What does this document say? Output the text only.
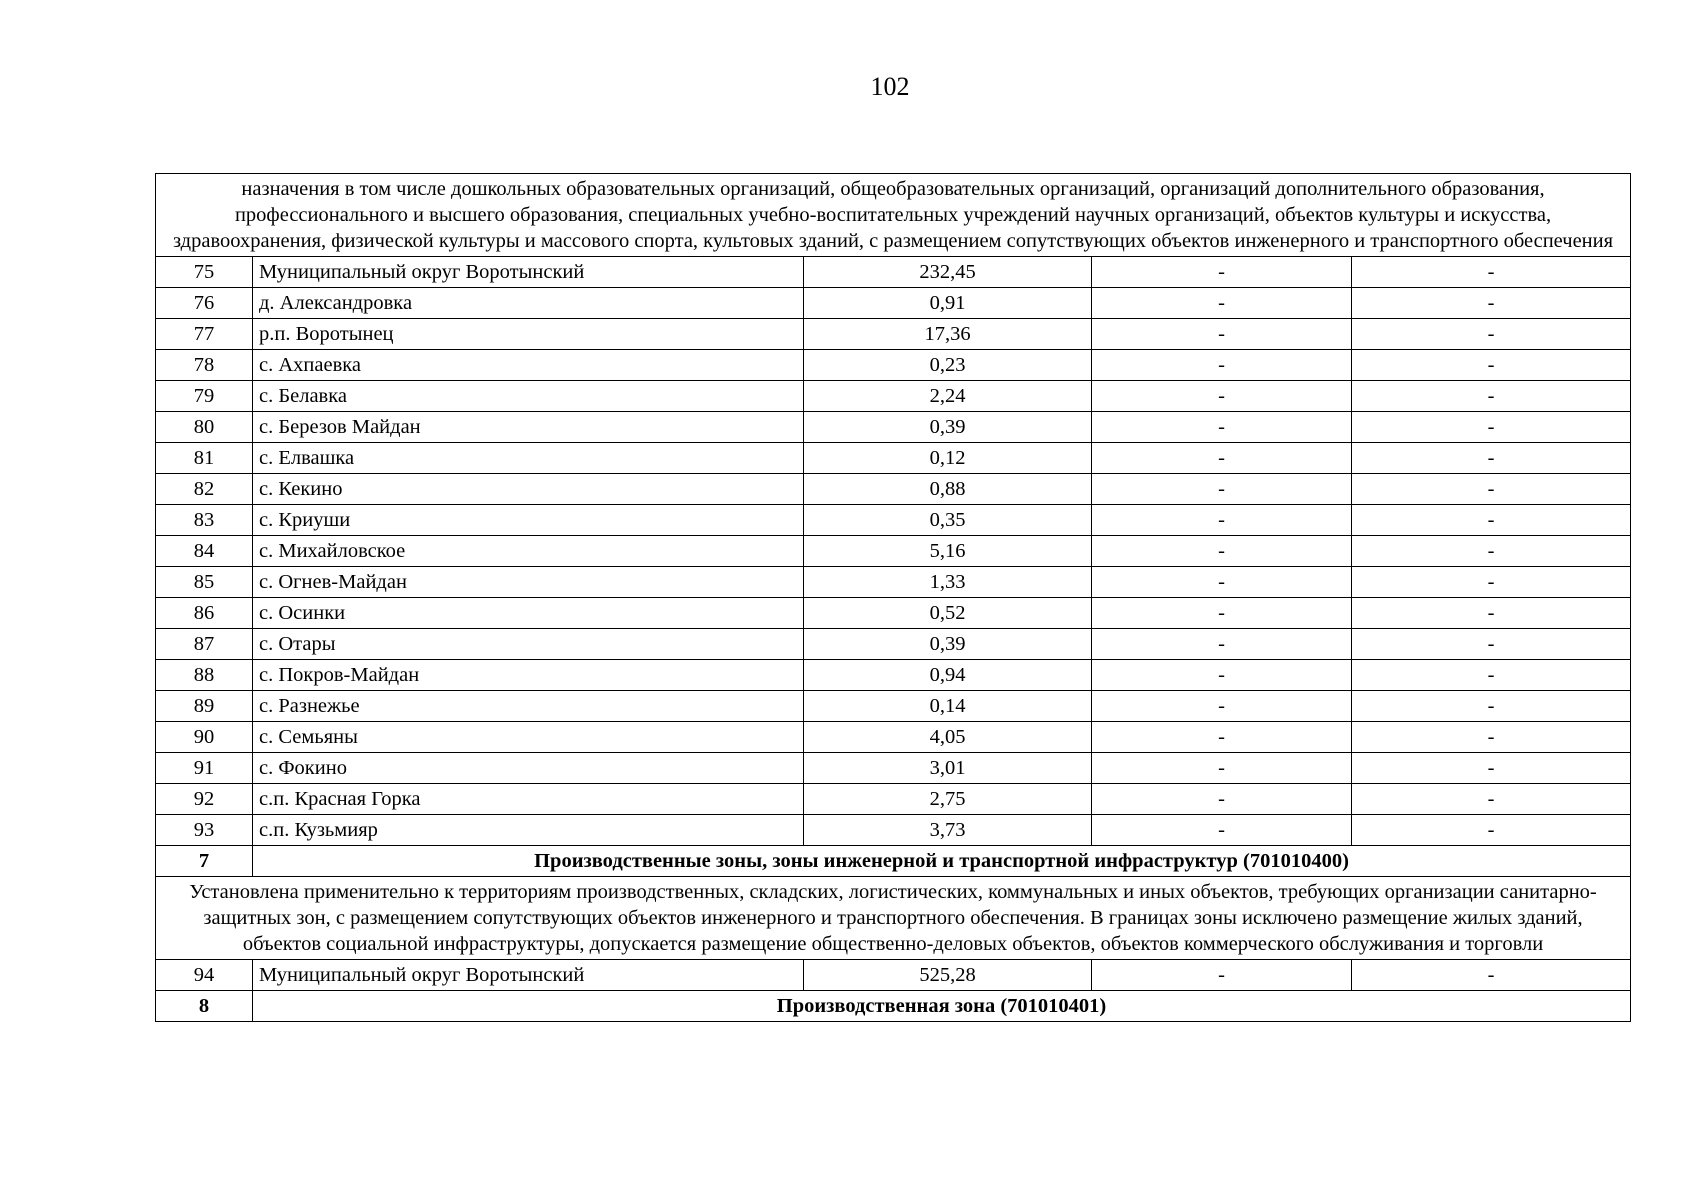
102
назначения в том числе дошкольных образовательных организаций, общеобразовательных организаций, организаций дополнительного образования, профессионального и высшего образования, специальных учебно-воспитательных учреждений научных организаций, объектов культуры и искусства, здравоохранения, физической культуры и массового спорта, культовых зданий, с размещением сопутствующих объектов инженерного и транспортного обеспечения				
75	Муниципальный округ Воротынский	232,45	-	-
76	д. Александровка	0,91	-	-
77	р.п. Воротынец	17,36	-	-
78	с. Ахпаевка	0,23	-	-
79	с. Белавка	2,24	-	-
80	с. Березов Майдан	0,39	-	-
81	с. Елвашка	0,12	-	-
82	с. Кекино	0,88	-	-
83	с. Криуши	0,35	-	-
84	с. Михайловское	5,16	-	-
85	с. Огнев-Майдан	1,33	-	-
86	с. Осинки	0,52	-	-
87	с. Отары	0,39	-	-
88	с. Покров-Майдан	0,94	-	-
89	с. Разнежье	0,14	-	-
90	с. Семьяны	4,05	-	-
91	с. Фокино	3,01	-	-
92	с.п. Красная Горка	2,75	-	-
93	с.п. Кузьмияр	3,73	-	-
7	Производственные зоны, зоны инженерной и транспортной инфраструктур (701010400)			
Установлена применительно к территориям производственных, складских, логистических, коммунальных и иных объектов, требующих организации санитарно-защитных зон, с размещением сопутствующих объектов инженерного и транспортного обеспечения. В границах зоны исключено размещение жилых зданий, объектов социальной инфраструктуры, допускается размещение общественно-деловых объектов, объектов коммерческого обслуживания и торговли				
94	Муниципальный округ Воротынский	525,28	-	-
8	Производственная зона (701010401)			
